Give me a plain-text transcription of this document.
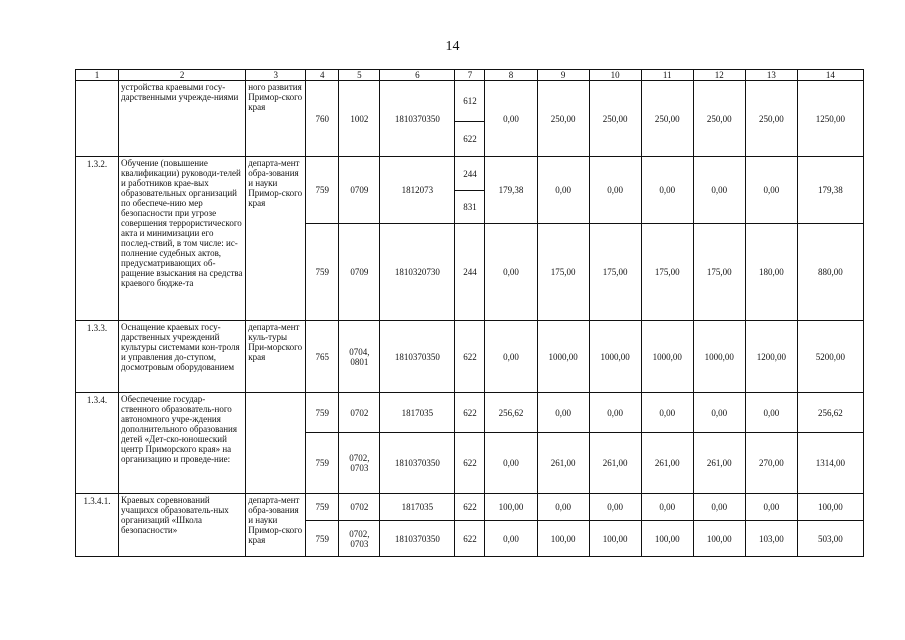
14
1	2	3	4	5	6	7	8	9	10	11	12	13	14
	устройства краевыми госу-дарственными учрежде-ниями	ного развития Примор-ского края	760	1002	1810370350	612	0,00	250,00	250,00	250,00	250,00	250,00	1250,00
						622							
1.3.2.	Обучение (повышение квалификации) руководи-телей и работников крае-вых образовательных организаций по обеспече-нию мер безопасности при угрозе совершения террористического акта и минимизации его послед-ствий, в том числе: ис-полнение судебных актов, предусматривающих об-ращение взыскания на средства краевого бюдже-та	департа-мент обра-зования и науки Примор-ского края	759	0709	1812073	244	179,38	0,00	0,00	0,00	0,00	0,00	179,38
						831							
			759	0709	1810320730	244	0,00	175,00	175,00	175,00	175,00	180,00	880,00
1.3.3.	Оснащение краевых госу-дарственных учреждений культуры системами кон-троля и управления до-ступом, досмотровым оборудованием	департа-мент куль-туры При-морского края	765	0704, 0801	1810370350	622	0,00	1000,00	1000,00	1000,00	1000,00	1200,00	5200,00
1.3.4.	Обеспечение государ-ственного образователь-ного автономного учре-ждения дополнительного образования детей «Дет-ско-юношеский центр Приморского края» на организацию и проведе-ние:		759	0702	1817035	622	256,62	0,00	0,00	0,00	0,00	0,00	256,62
			759	0702, 0703	1810370350	622	0,00	261,00	261,00	261,00	261,00	270,00	1314,00
1.3.4.1.	Краевых соревнований учащихся образователь-ных организаций «Школа безопасности»	департа-мент обра-зования и науки Примор-ского края	759	0702	1817035	622	100,00	0,00	0,00	0,00	0,00	0,00	100,00
			759	0702, 0703	1810370350	622	0,00	100,00	100,00	100,00	100,00	103,00	503,00
